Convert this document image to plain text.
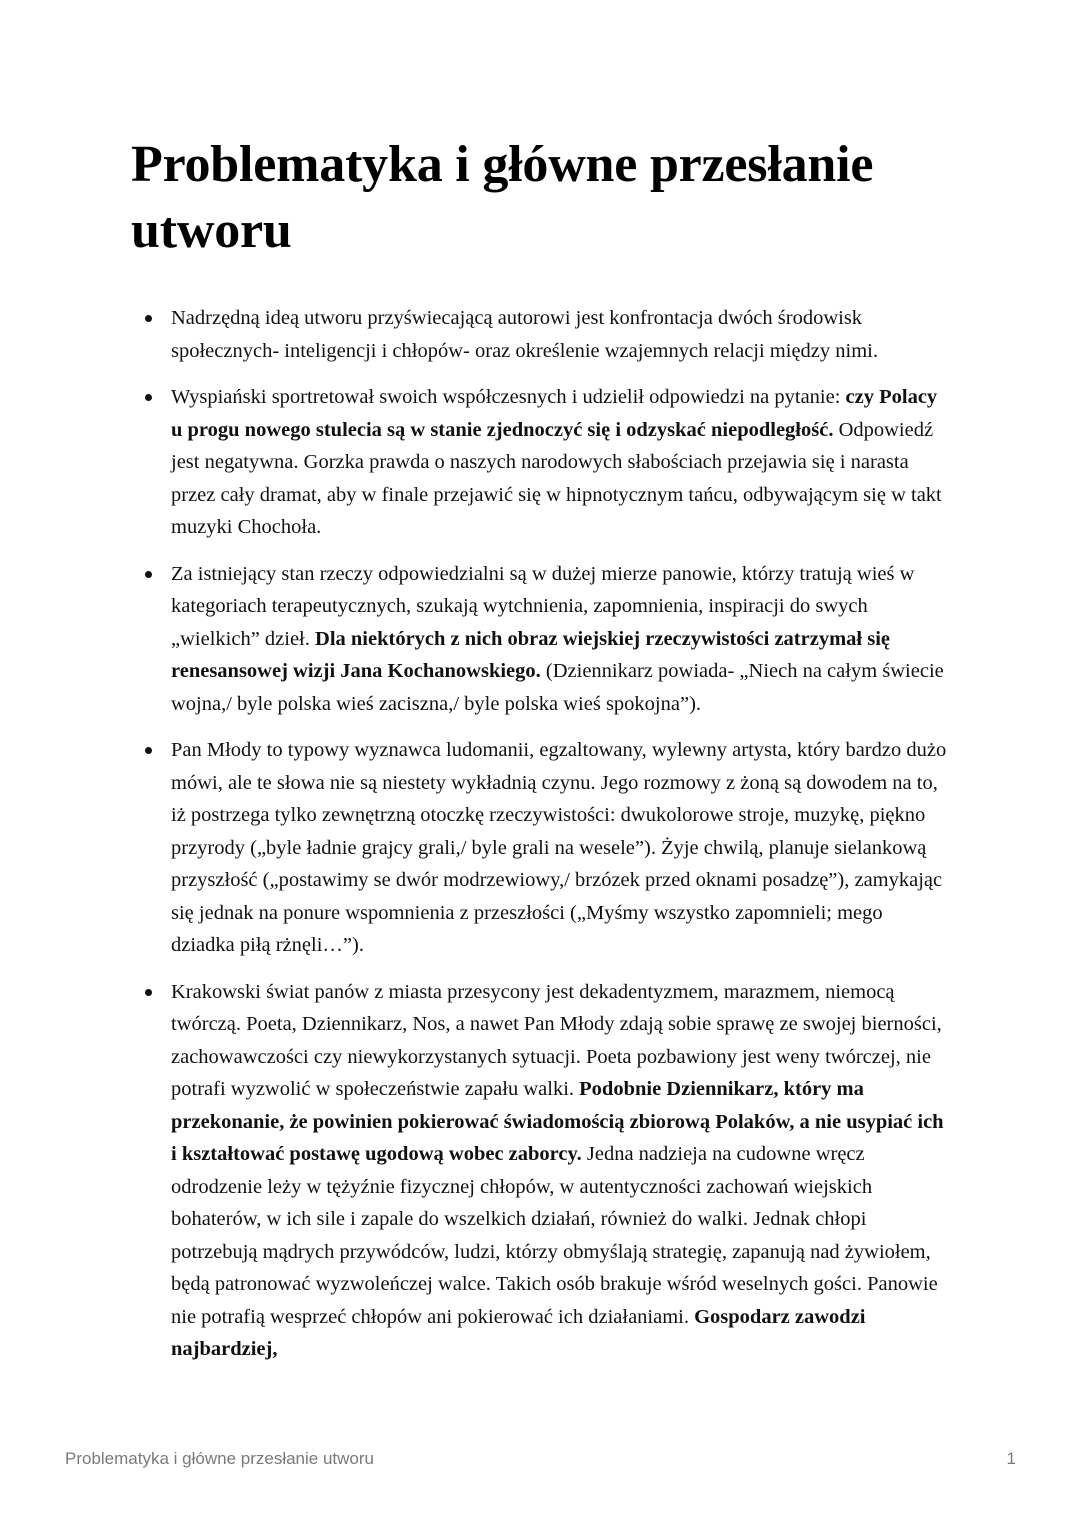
Problematyka i główne przesłanie utworu
Nadrzędną ideą utworu przyświecającą autorowi jest konfrontacja dwóch środowisk społecznych- inteligencji i chłopów- oraz określenie wzajemnych relacji między nimi.
Wyspiański sportretował swoich współczesnych i udzielił odpowiedzi na pytanie: czy Polacy u progu nowego stulecia są w stanie zjednoczyć się i odzyskać niepodległość. Odpowiedź jest negatywna. Gorzka prawda o naszych narodowych słabościach przejawia się i narasta przez cały dramat, aby w finale przejawić się w hipnotycznym tańcu, odbywającym się w takt muzyki Chochoła.
Za istniejący stan rzeczy odpowiedzialni są w dużej mierze panowie, którzy tratują wieś w kategoriach terapeutycznych, szukają wytchnienia, zapomnienia, inspiracji do swych „wielkich” dzieł. Dla niektórych z nich obraz wiejskiej rzeczywistości zatrzymał się renesansowej wizji Jana Kochanowskiego. (Dziennikarz powiada- „Niech na całym świecie wojna,/ byle polska wieś zaciszna,/ byle polska wieś spokojna”).
Pan Młody to typowy wyznawca ludomanii, egzaltowany, wylewny artysta, który bardzo dużo mówi, ale te słowa nie są niestety wykładnią czynu. Jego rozmowy z żoną są dowodem na to, iż postrzega tylko zewnętrzną otoczkę rzeczywistości: dwukolorowe stroje, muzykę, piękno przyrody („byle ładnie grajcy grali,/ byle grali na wesele”). Żyje chwilą, planuje sielankową przyszłość („postawimy se dwór modrzewiowy,/ brzózek przed oknami posadzę”), zamykając się jednak na ponure wspomnienia z przeszłości („Myśmy wszystko zapomnieli; mego dziadka piłą rżnęli…”).
Krakowski świat panów z miasta przesycony jest dekadentyzmem, marazmem, niemocą twórczą. Poeta, Dziennikarz, Nos, a nawet Pan Młody zdają sobie sprawę ze swojej bierności, zachowawczości czy niewykorzystanych sytuacji. Poeta pozbawiony jest weny twórczej, nie potrafi wyzwolić w społeczeństwie zapału walki. Podobnie Dziennikarz, który ma przekonanie, że powinien pokierować świadomością zbiorową Polaków, a nie usypiać ich i kształtować postawę ugodową wobec zaborcy. Jedna nadzieja na cudowne wręcz odrodzenie leży w tężyźnie fizycznej chłopów, w autentyczności zachowań wiejskich bohaterów, w ich sile i zapale do wszelkich działań, również do walki. Jednak chłopi potrzebują mądrych przywódców, ludzi, którzy obmyślają strategię, zapanują nad żywiołem, będą patronować wyzwoleńczej walce. Takich osób brakuje wśród weselnych gości. Panowie nie potrafią wesprzeć chłopów ani pokierować ich działaniami. Gospodarz zawodzi najbardziej,
Problematyka i główne przesłanie utworu	1
